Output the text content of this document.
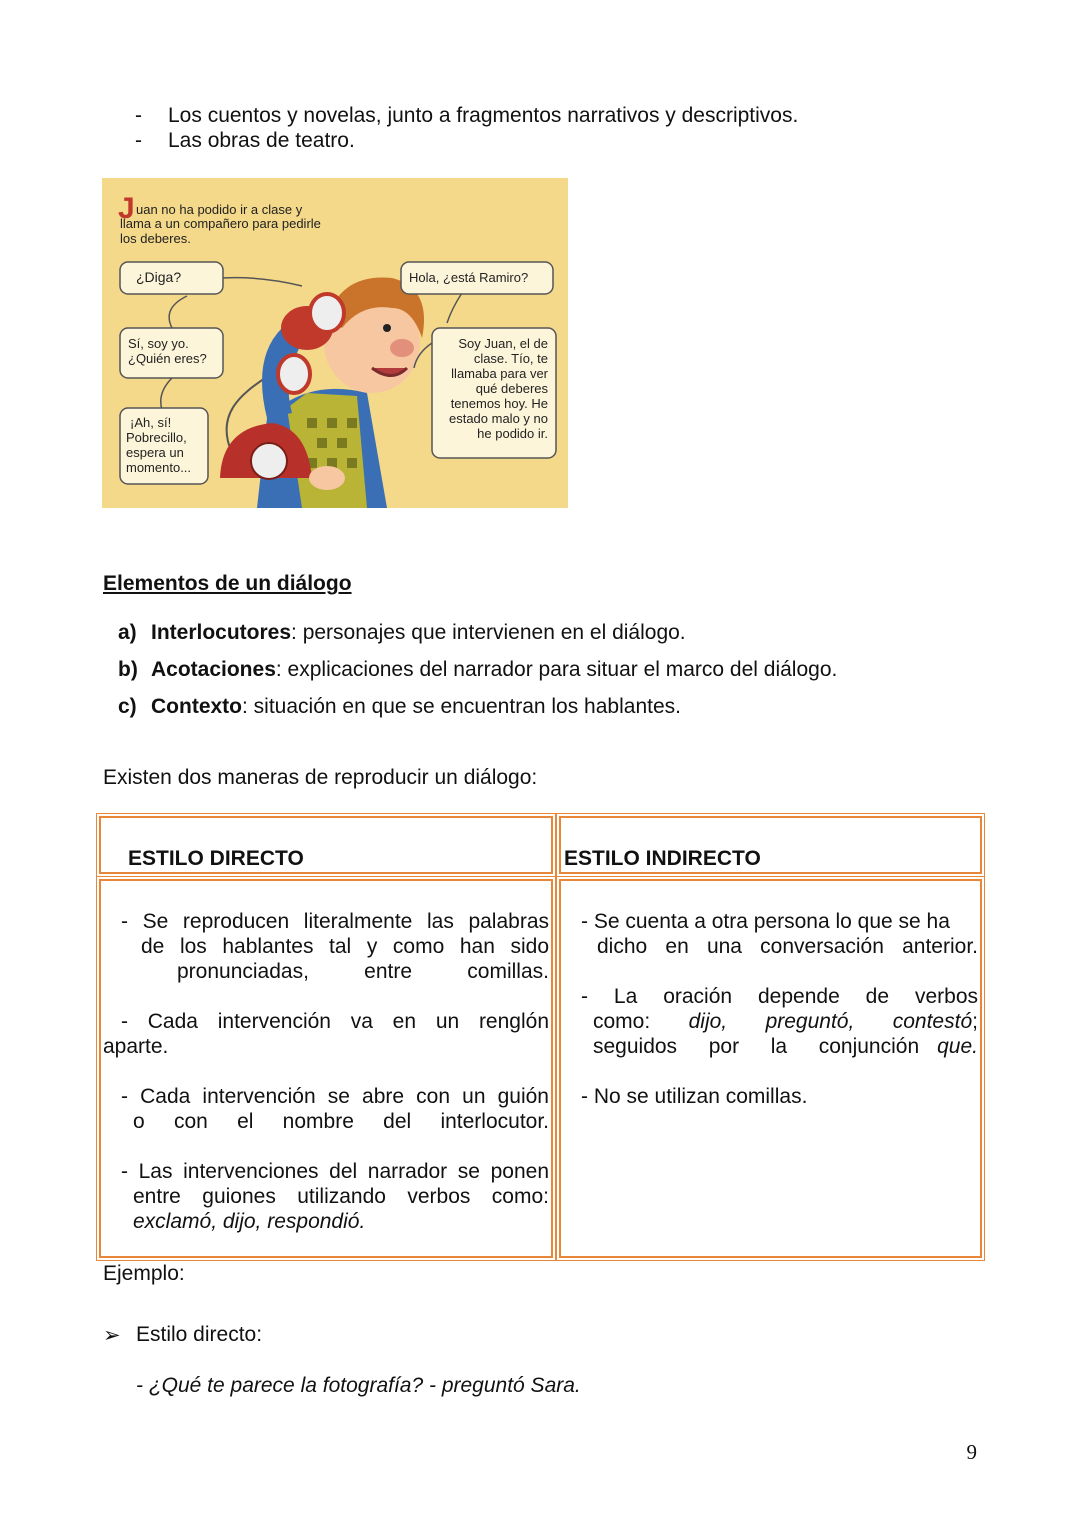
- Los cuentos y novelas, junto a fragmentos narrativos y descriptivos.
- Las obras de teatro.
J uan no ha podido ir a clase y
llama a un compañero para pedirle
los deberes.
¿Diga?	Hola, ¿está Ramiro?
Sí, soy yo.
¿Quién eres?
¡Ah, sí!
Pobrecillo,
espera un
momento...
Soy Juan, el de
clase. Tío, te
llamaba para ver
qué deberes
tenemos hoy. He
estado malo y no
he podido ir.
Elementos de un diálogo
a) Interlocutores: personajes que intervienen en el diálogo.
b) Acotaciones: explicaciones del narrador para situar el marco del diálogo.
c) Contexto: situación en que se encuentran los hablantes.
Existen dos maneras de reproducir un diálogo:
ESTILO DIRECTO	ESTILO INDIRECTO
- Se reproducen literalmente las palabras
de los hablantes tal y como han sido
pronunciadas, entre comillas.
- Cada intervención va en un renglón
aparte.
- Cada intervención se abre con un guión
o con el nombre del interlocutor.
- Las intervenciones del narrador se ponen
entre guiones utilizando verbos como:
exclamó, dijo, respondió.
- Se cuenta a otra persona lo que se ha
dicho en una conversación anterior.
- La oración depende de verbos
como: dijo, preguntó, contestó;
seguidos por la conjunción que.
- No se utilizan comillas.
Ejemplo:
➢ Estilo directo:
- ¿Qué te parece la fotografía? - preguntó Sara.
9
